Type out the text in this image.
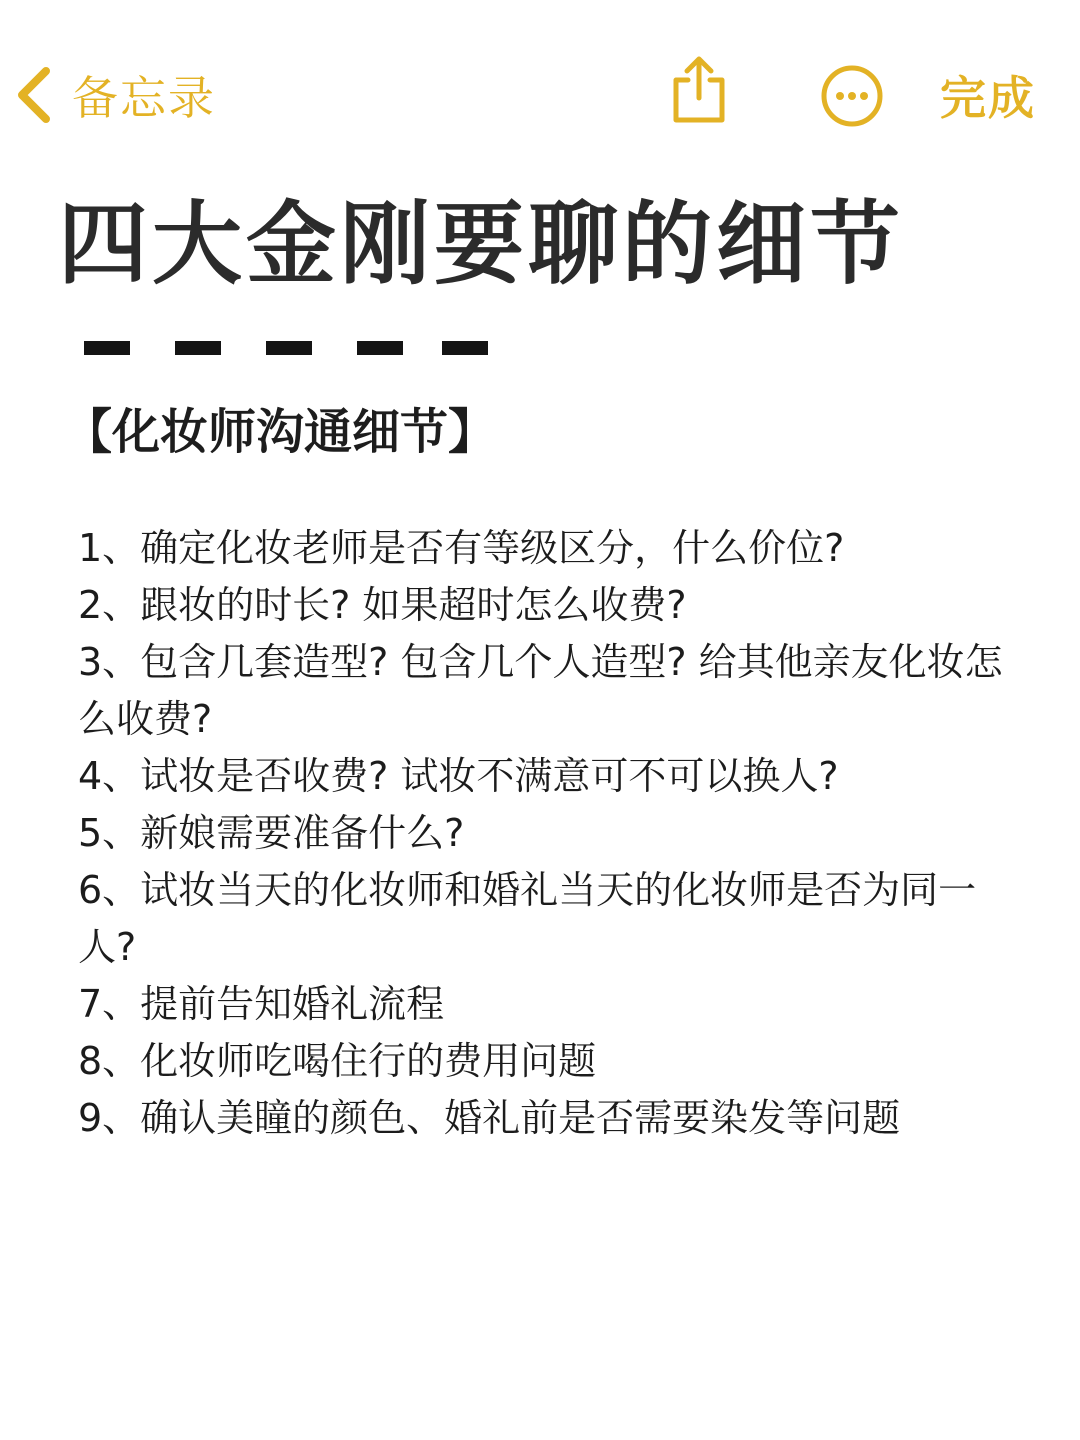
备忘录	完成
四大金刚要聊的细节
【化妆师沟通细节】
1、确定化妆老师是否有等级区分，什么价位?
2、跟妆的时长? 如果超时怎么收费?
3、包含几套造型? 包含几个人造型? 给其他亲友化妆怎么收费?
4、试妆是否收费? 试妆不满意可不可以换人?
5、新娘需要准备什么?
6、试妆当天的化妆师和婚礼当天的化妆师是否为同一人?
7、提前告知婚礼流程
8、化妆师吃喝住行的费用问题
9、确认美瞳的颜色、婚礼前是否需要染发等问题
